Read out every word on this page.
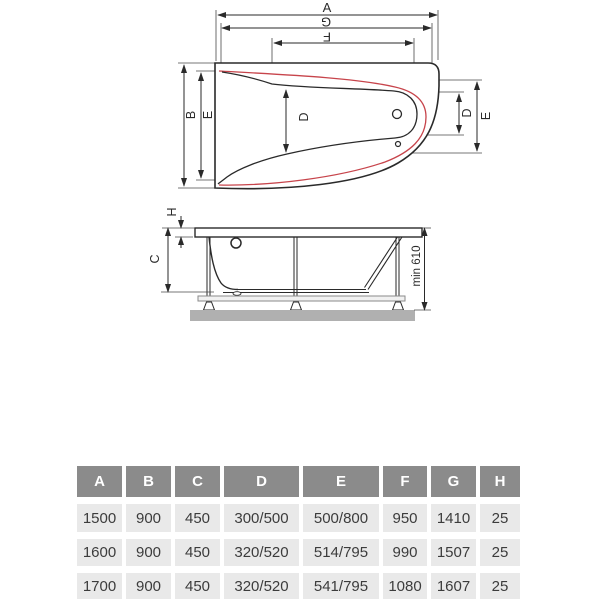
A
G
F
B E	D	D E
H
C	min 610
A	B	C	D	E	F	G	H
1500	900	450	300/500	500/800	950	1410	25
1600	900	450	320/520	514/795	990	1507	25
1700	900	450	320/520	541/795	1080	1607	25
